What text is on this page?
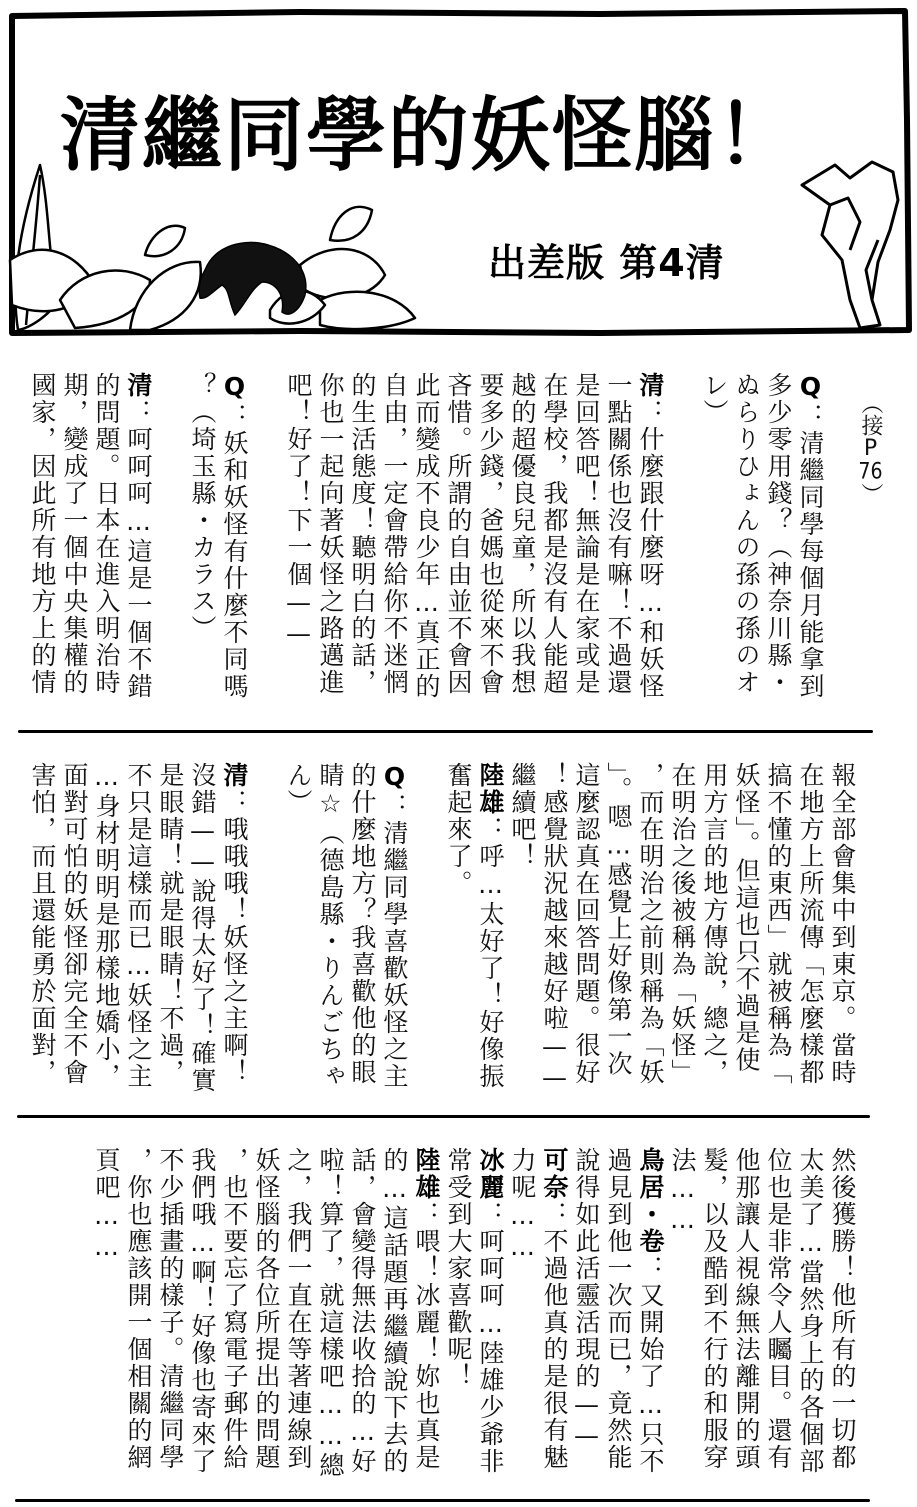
清繼同學的妖怪腦！
出差版 第4清
（接P76）
Q：清繼同學每個月能拿到
多少零用錢？（神奈川縣・
ぬらりひょんの孫の孫のオ
レ）
清：什麼跟什麼呀…和妖怪
一點關係也沒有嘛！不過還
是回答吧！無論是在家或是
在學校，我都是沒有人能超
越的超優良兒童，所以我想
要多少錢，爸媽也從來不會
吝惜。所謂的自由並不會因
此而變成不良少年…真正的
自由，一定會帶給你不迷惘
的生活態度！聽明白的話，
你也一起向著妖怪之路邁進
吧！好了！下一個——
Q：妖和妖怪有什麼不同嗎
？（埼玉縣・カラス）
清：呵呵呵…這是一個不錯
的問題。日本在進入明治時
期，變成了一個中央集權的
國家，因此所有地方上的情
報全部會集中到東京。當時
在地方上所流傳「怎麼樣都
搞不懂的東西」就被稱為「
妖怪」。但這也只不過是使
用方言的地方傳說，總之，
在明治之後被稱為「妖怪」
，而在明治之前則稱為「妖
」。嗯…感覺上好像第一次
這麼認真在回答問題。很好
！感覺狀況越來越好啦——
繼續吧！
陸雄：呼…太好了！好像振
奮起來了。
Q：清繼同學喜歡妖怪之主
的什麼地方？我喜歡他的眼
睛☆（德島縣・りんごちゃ
ん）
清：哦哦哦！妖怪之主啊！
沒錯——說得太好了！確實
是眼睛！就是眼睛！不過，
不只是這樣而已…妖怪之主
…身材明明是那樣地嬌小，
面對可怕的妖怪卻完全不會
害怕，而且還能勇於面對，
然後獲勝！他所有的一切都
太美了…當然身上的各個部
位也是非常令人矚目。還有
他那讓人視線無法離開的頭
髮，以及酷到不行的和服穿
法……
鳥居・卷：又開始了…只不
過見到他一次而已，竟然能
說得如此活靈活現的——
可奈：不過他真的是很有魅
力呢……
冰麗：呵呵呵…陸雄少爺非
常受到大家喜歡呢！
陸雄：喂！冰麗！妳也真是
的…這話題再繼續說下去的
話，會變得無法收拾的…好
啦！算了，就這樣吧……總
之，我們一直在等著連線到
妖怪腦的各位所提出的問題
，也不要忘了寫電子郵件給
我們哦…啊！好像也寄來了
不少插畫的樣子。清繼同學
，你也應該開一個相關的網
頁吧……
